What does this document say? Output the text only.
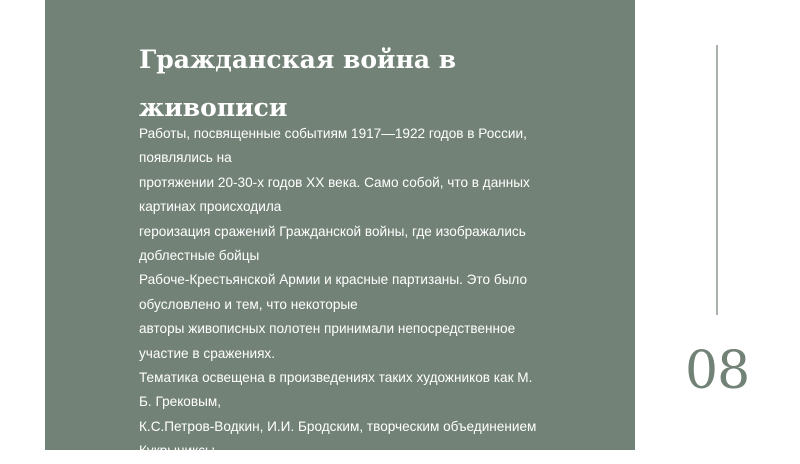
Гражданская война в живописи
Работы, посвященные событиям 1917—1922 годов в России,
появлялись на
протяжении 20-30-х годов XX века. Само собой, что в данных
картинах происходила
героизация сражений Гражданской войны, где изображались
доблестные бойцы
Рабоче-Крестьянской Армии и красные партизаны. Это было
обусловлено и тем, что некоторые
авторы живописных полотен принимали непосредственное
участие в сражениях.
Тематика освещена в произведениях таких художников как М.
Б. Грековым,
К.С.Петров-Водкин, И.И. Бродским, творческим объединением
Кукрыниксы.
08
